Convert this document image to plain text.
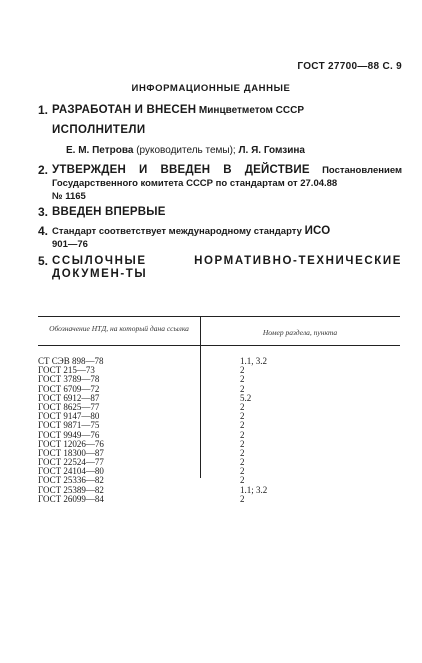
ГОСТ 27700—88 С. 9
ИНФОРМАЦИОННЫЕ ДАННЫЕ
1. РАЗРАБОТАН И ВНЕСЕН Минцветметом СССР
ИСПОЛНИТЕЛИ
Е. М. Петрова (руководитель темы); Л. Я. Гомзина
2. УТВЕРЖДЕН И ВВЕДЕН В ДЕЙСТВИЕ Постановлением Государственного комитета СССР по стандартам от 27.04.88
№ 1165
3. ВВЕДЕН ВПЕРВЫЕ
4. Стандарт соответствует международному стандарту ИСО
901—76
5. ССЫЛОЧНЫЕ НОРМАТИВНО-ТЕХНИЧЕСКИЕ ДОКУМЕН-ТЫ
Обозначение НТД, на который дана ссылка	Номер раздела, пункта
СТ СЭВ 898—78	1.1, 3.2
ГОСТ 215—73	2
ГОСТ 3789—78	2
ГОСТ 6709—72	2
ГОСТ 6912—87	5.2
ГОСТ 8625—77	2
ГОСТ 9147—80	2
ГОСТ 9871—75	2
ГОСТ 9949—76	2
ГОСТ 12026—76	2
ГОСТ 18300—87	2
ГОСТ 22524—77	2
ГОСТ 24104—80	2
ГОСТ 25336—82	2
ГОСТ 25389—82	1.1; 3.2
ГОСТ 26099—84	2
